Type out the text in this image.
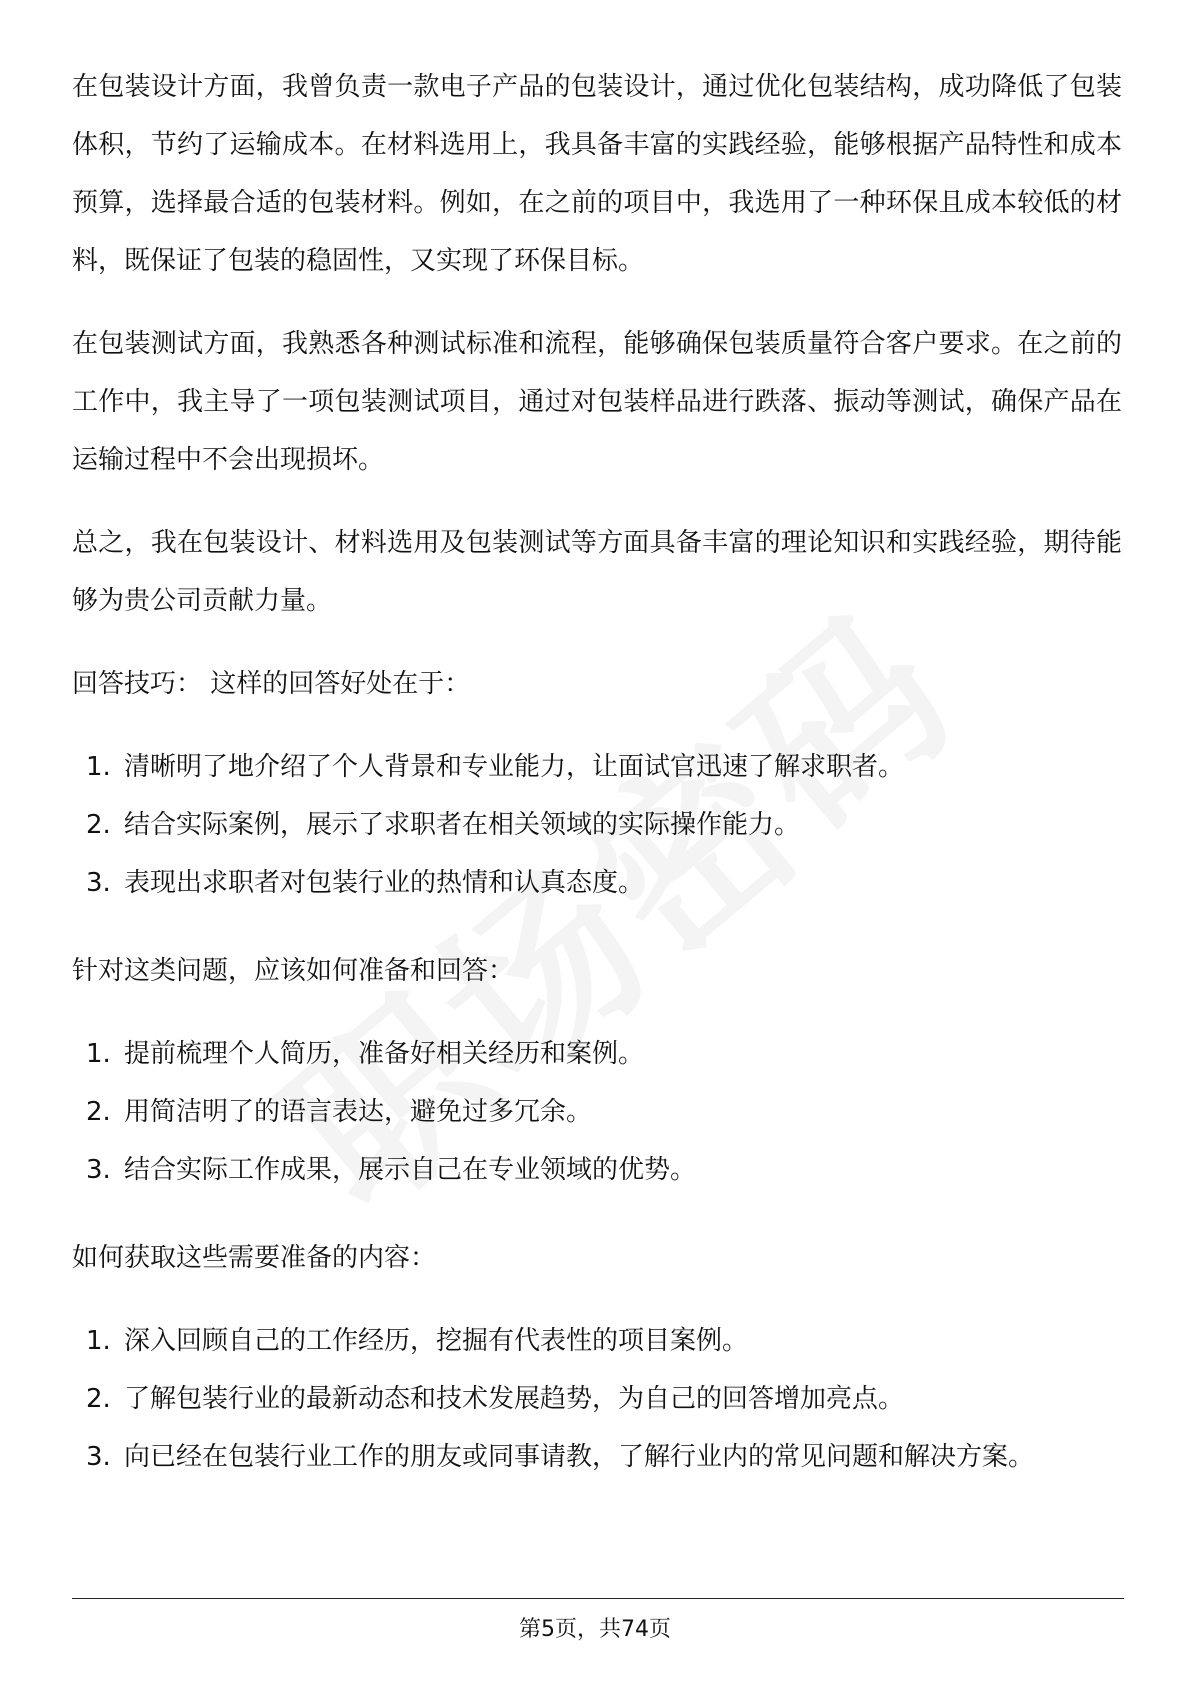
在包装设计方面，我曾负责一款电子产品的包装设计，通过优化包装结构，成功降低了包装体积，节约了运输成本。在材料选用上，我具备丰富的实践经验，能够根据产品特性和成本预算，选择最合适的包装材料。例如，在之前的项目中，我选用了一种环保且成本较低的材料，既保证了包装的稳固性，又实现了环保目标。

在包装测试方面，我熟悉各种测试标准和流程，能够确保包装质量符合客户要求。在之前的工作中，我主导了一项包装测试项目，通过对包装样品进行跌落、振动等测试，确保产品在运输过程中不会出现损坏。

总之，我在包装设计、材料选用及包装测试等方面具备丰富的理论知识和实践经验，期待能够为贵公司贡献力量。

回答技巧： 这样的回答好处在于：

1. 清晰明了地介绍了个人背景和专业能力，让面试官迅速了解求职者。
2. 结合实际案例，展示了求职者在相关领域的实际操作能力。
3. 表现出求职者对包装行业的热情和认真态度。

针对这类问题，应该如何准备和回答：

1. 提前梳理个人简历，准备好相关经历和案例。
2. 用简洁明了的语言表达，避免过多冗余。
3. 结合实际工作成果，展示自己在专业领域的优势。

如何获取这些需要准备的内容：

1. 深入回顾自己的工作经历，挖掘有代表性的项目案例。
2. 了解包装行业的最新动态和技术发展趋势，为自己的回答增加亮点。
3. 向已经在包装行业工作的朋友或同事请教，了解行业内的常见问题和解决方案。
第5页，共74页
